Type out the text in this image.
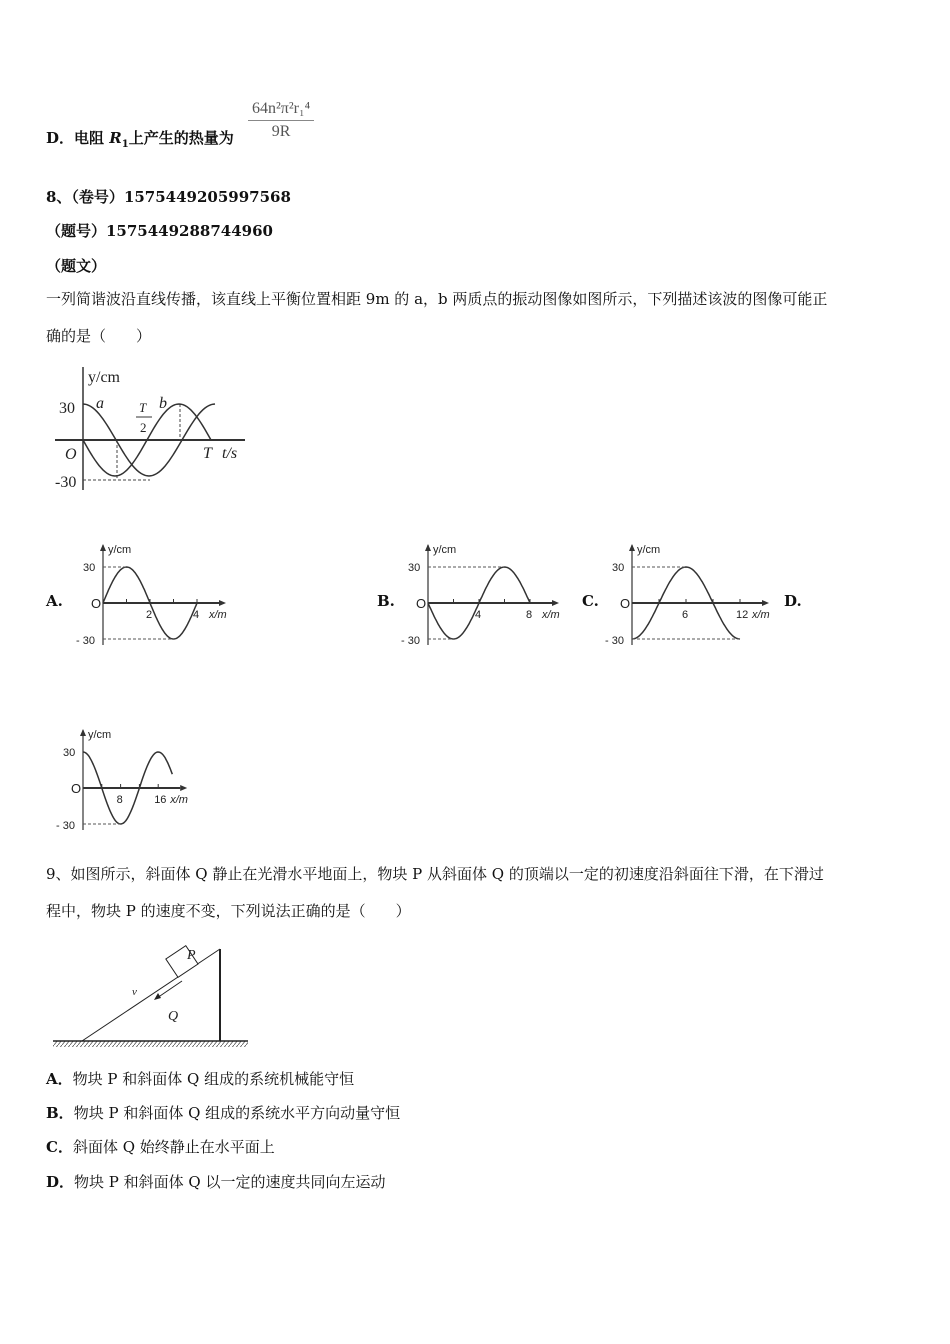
D．电阻 $R_1$上产生的热量为 $\frac{\text{64n²π²r₁⁴}}{9R}$
8、（卷号）1575449205997568
（题号）1575449288744960
（题文）
一列简谐波沿直线传播，该直线上平衡位置相距 9m 的 a，b 两质点的振动图像如图所示，下列描述该波的图像可能正
确的是（　　）
y/cm
30
-30
O
a	b
T
2
T t/s
A.	B.	C.	D.
y/cm
30
- 30
O
2	4 x/m
y/cm
30
- 30
O
4	8 x/m
y/cm
30
- 30
O
6	12 x/m
y/cm
30
- 30
O
8	16 x/m
9、如图所示，斜面体 Q 静止在光滑水平地面上，物块 P 从斜面体 Q 的顶端以一定的初速度沿斜面往下滑，在下滑过
程中，物块 P 的速度不变，下列说法正确的是（　　）
P
v
Q
A．物块 P 和斜面体 Q 组成的系统机械能守恒
B．物块 P 和斜面体 Q 组成的系统水平方向动量守恒
C．斜面体 Q 始终静止在水平面上
D．物块 P 和斜面体 Q 以一定的速度共同向左运动
